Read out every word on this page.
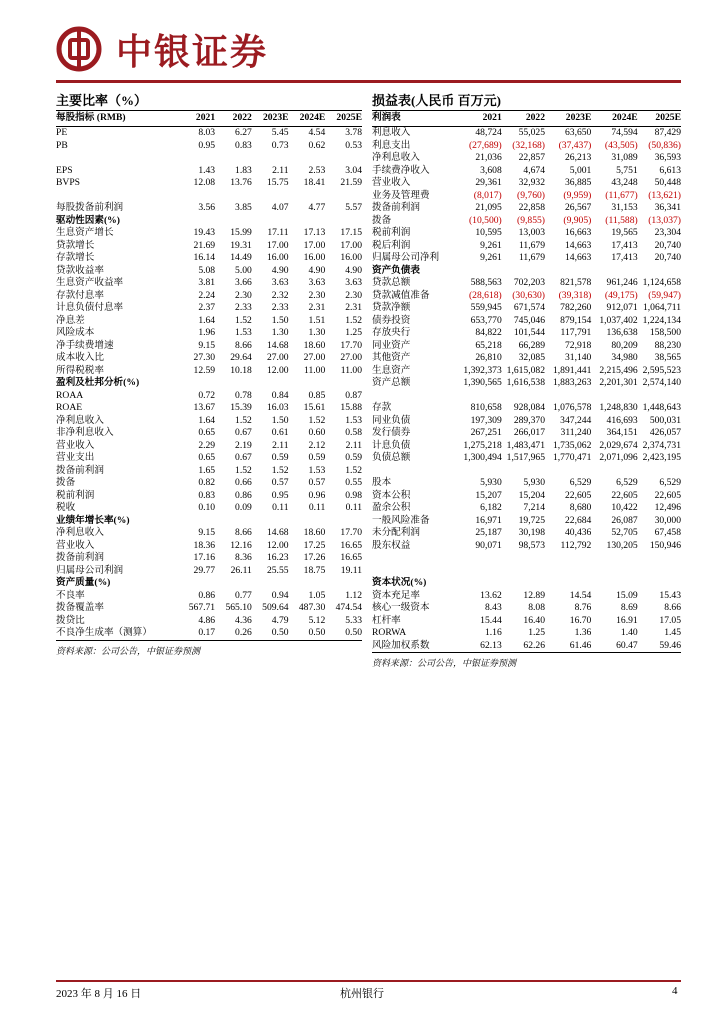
中银证券
主要比率（%）
每股指标 (RMB)	2021	2022	2023E	2024E	2025E
PE	8.03	6.27	5.45	4.54	3.78
PB	0.95	0.83	0.73	0.62	0.53

EPS	1.43	1.83	2.11	2.53	3.04
BVPS	12.08	13.76	15.75	18.41	21.59

每股拨备前利润	3.56	3.85	4.07	4.77	5.57
驱动性因素(%)					
生息资产增长	19.43	15.99	17.11	17.13	17.15
贷款增长	21.69	19.31	17.00	17.00	17.00
存款增长	16.14	14.49	16.00	16.00	16.00
贷款收益率	5.08	5.00	4.90	4.90	4.90
生息资产收益率	3.81	3.66	3.63	3.63	3.63
存款付息率	2.24	2.30	2.32	2.30	2.30
计息负债付息率	2.37	2.33	2.33	2.31	2.31
净息差	1.64	1.52	1.50	1.51	1.52
风险成本	1.96	1.53	1.30	1.30	1.25
净手续费增速	9.15	8.66	14.68	18.60	17.70
成本收入比	27.30	29.64	27.00	27.00	27.00
所得税税率	12.59	10.18	12.00	11.00	11.00
盈利及杜邦分析(%)					
ROAA	0.72	0.78	0.84	0.85	0.87
ROAE	13.67	15.39	16.03	15.61	15.88
净利息收入	1.64	1.52	1.50	1.52	1.53
非净利息收入	0.65	0.67	0.61	0.60	0.58
营业收入	2.29	2.19	2.11	2.12	2.11
营业支出	0.65	0.67	0.59	0.59	0.59
拨备前利润	1.65	1.52	1.52	1.53	1.52
拨备	0.82	0.66	0.57	0.57	0.55
税前利润	0.83	0.86	0.95	0.96	0.98
税收	0.10	0.09	0.11	0.11	0.11
业绩年增长率(%)					
净利息收入	9.15	8.66	14.68	18.60	17.70
营业收入	18.36	12.16	12.00	17.25	16.65
拨备前利润	17.16	8.36	16.23	17.26	16.65
归属母公司利润	29.77	26.11	25.55	18.75	19.11
资产质量(%)					
不良率	0.86	0.77	0.94	1.05	1.12
拨备覆盖率	567.71	565.10	509.64	487.30	474.54
拨贷比	4.86	4.36	4.79	5.12	5.33
不良净生成率（测算）	0.17	0.26	0.50	0.50	0.50
资料来源：公司公告，中银证券预测
损益表(人民币 百万元)
利润表	2021	2022	2023E	2024E	2025E
利息收入	48,724	55,025	63,650	74,594	87,429
利息支出	(27,689)	(32,168)	(37,437)	(43,505)	(50,836)
净利息收入	21,036	22,857	26,213	31,089	36,593
手续费净收入	3,608	4,674	5,001	5,751	6,613
营业收入	29,361	32,932	36,885	43,248	50,448
业务及管理费	(8,017)	(9,760)	(9,959)	(11,677)	(13,621)
拨备前利润	21,095	22,858	26,567	31,153	36,341
拨备	(10,500)	(9,855)	(9,905)	(11,588)	(13,037)
税前利润	10,595	13,003	16,663	19,565	23,304
税后利润	9,261	11,679	14,663	17,413	20,740
归属母公司净利	9,261	11,679	14,663	17,413	20,740
资产负债表					
贷款总额	588,563	702,203	821,578	961,246	1,124,658
贷款减值准备	(28,618)	(30,630)	(39,318)	(49,175)	(59,947)
贷款净额	559,945	671,574	782,260	912,071	1,064,711
债券投资	653,770	745,046	879,154	1,037,402	1,224,134
存放央行	84,822	101,544	117,791	136,638	158,500
同业资产	65,218	66,289	72,918	80,209	88,230
其他资产	26,810	32,085	31,140	34,980	38,565
生息资产	1,392,373	1,615,082	1,891,441	2,215,496	2,595,523
资产总额	1,390,565	1,616,538	1,883,263	2,201,301	2,574,140

存款	810,658	928,084	1,076,578	1,248,830	1,448,643
同业负债	197,309	289,370	347,244	416,693	500,031
发行债券	267,251	266,017	311,240	364,151	426,057
计息负债	1,275,218	1,483,471	1,735,062	2,029,674	2,374,731
负债总额	1,300,494	1,517,965	1,770,471	2,071,096	2,423,195

股本	5,930	5,930	6,529	6,529	6,529
资本公积	15,207	15,204	22,605	22,605	22,605
盈余公积	6,182	7,214	8,680	10,422	12,496
一般风险准备	16,971	19,725	22,684	26,087	30,000
未分配利润	25,187	30,198	40,436	52,705	67,458
股东权益	90,071	98,573	112,792	130,205	150,946

资本状况(%)					
资本充足率	13.62	12.89	14.54	15.09	15.43
核心一级资本	8.43	8.08	8.76	8.69	8.66
杠杆率	15.44	16.40	16.70	16.91	17.05
RORWA	1.16	1.25	1.36	1.40	1.45
风险加权系数	62.13	62.26	61.46	60.47	59.46
资料来源：公司公告，中银证券预测
2023 年 8 月 16 日	杭州银行	4
